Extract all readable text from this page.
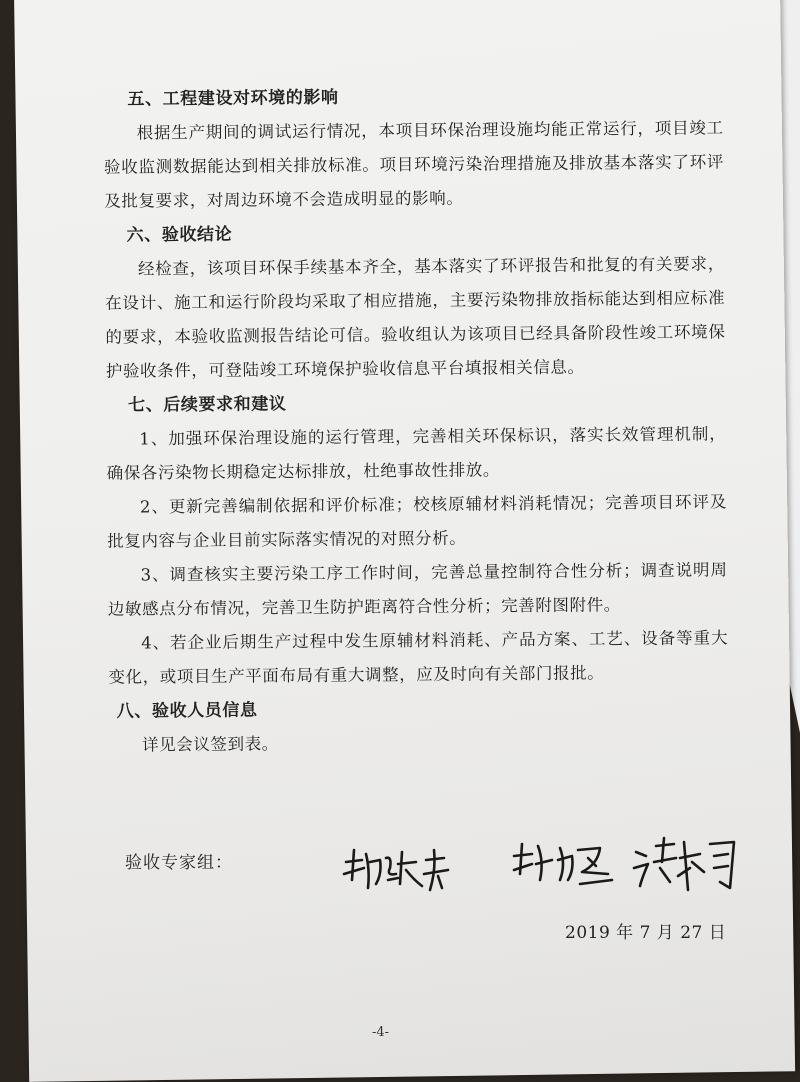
五、工程建设对环境的影响

根据生产期间的调试运行情况，本项目环保治理设施均能正常运行，项目竣工验收监测数据能达到相关排放标准。项目环境污染治理措施及排放基本落实了环评及批复要求，对周边环境不会造成明显的影响。

六、验收结论

经检查，该项目环保手续基本齐全，基本落实了环评报告和批复的有关要求，在设计、施工和运行阶段均采取了相应措施，主要污染物排放指标能达到相应标准的要求，本验收监测报告结论可信。验收组认为该项目已经具备阶段性竣工环境保护验收条件，可登陆竣工环境保护验收信息平台填报相关信息。

七、后续要求和建议

1、加强环保治理设施的运行管理，完善相关环保标识，落实长效管理机制，确保各污染物长期稳定达标排放，杜绝事故性排放。

2、更新完善编制依据和评价标准；校核原辅材料消耗情况；完善项目环评及批复内容与企业目前实际落实情况的对照分析。

3、调查核实主要污染工序工作时间，完善总量控制符合性分析；调查说明周边敏感点分布情况，完善卫生防护距离符合性分析；完善附图附件。

4、若企业后期生产过程中发生原辅材料消耗、产品方案、工艺、设备等重大变化，或项目生产平面布局有重大调整，应及时向有关部门报批。

八、验收人员信息

详见会议签到表。

验收专家组：
2019 年 7 月 27 日
-4-
